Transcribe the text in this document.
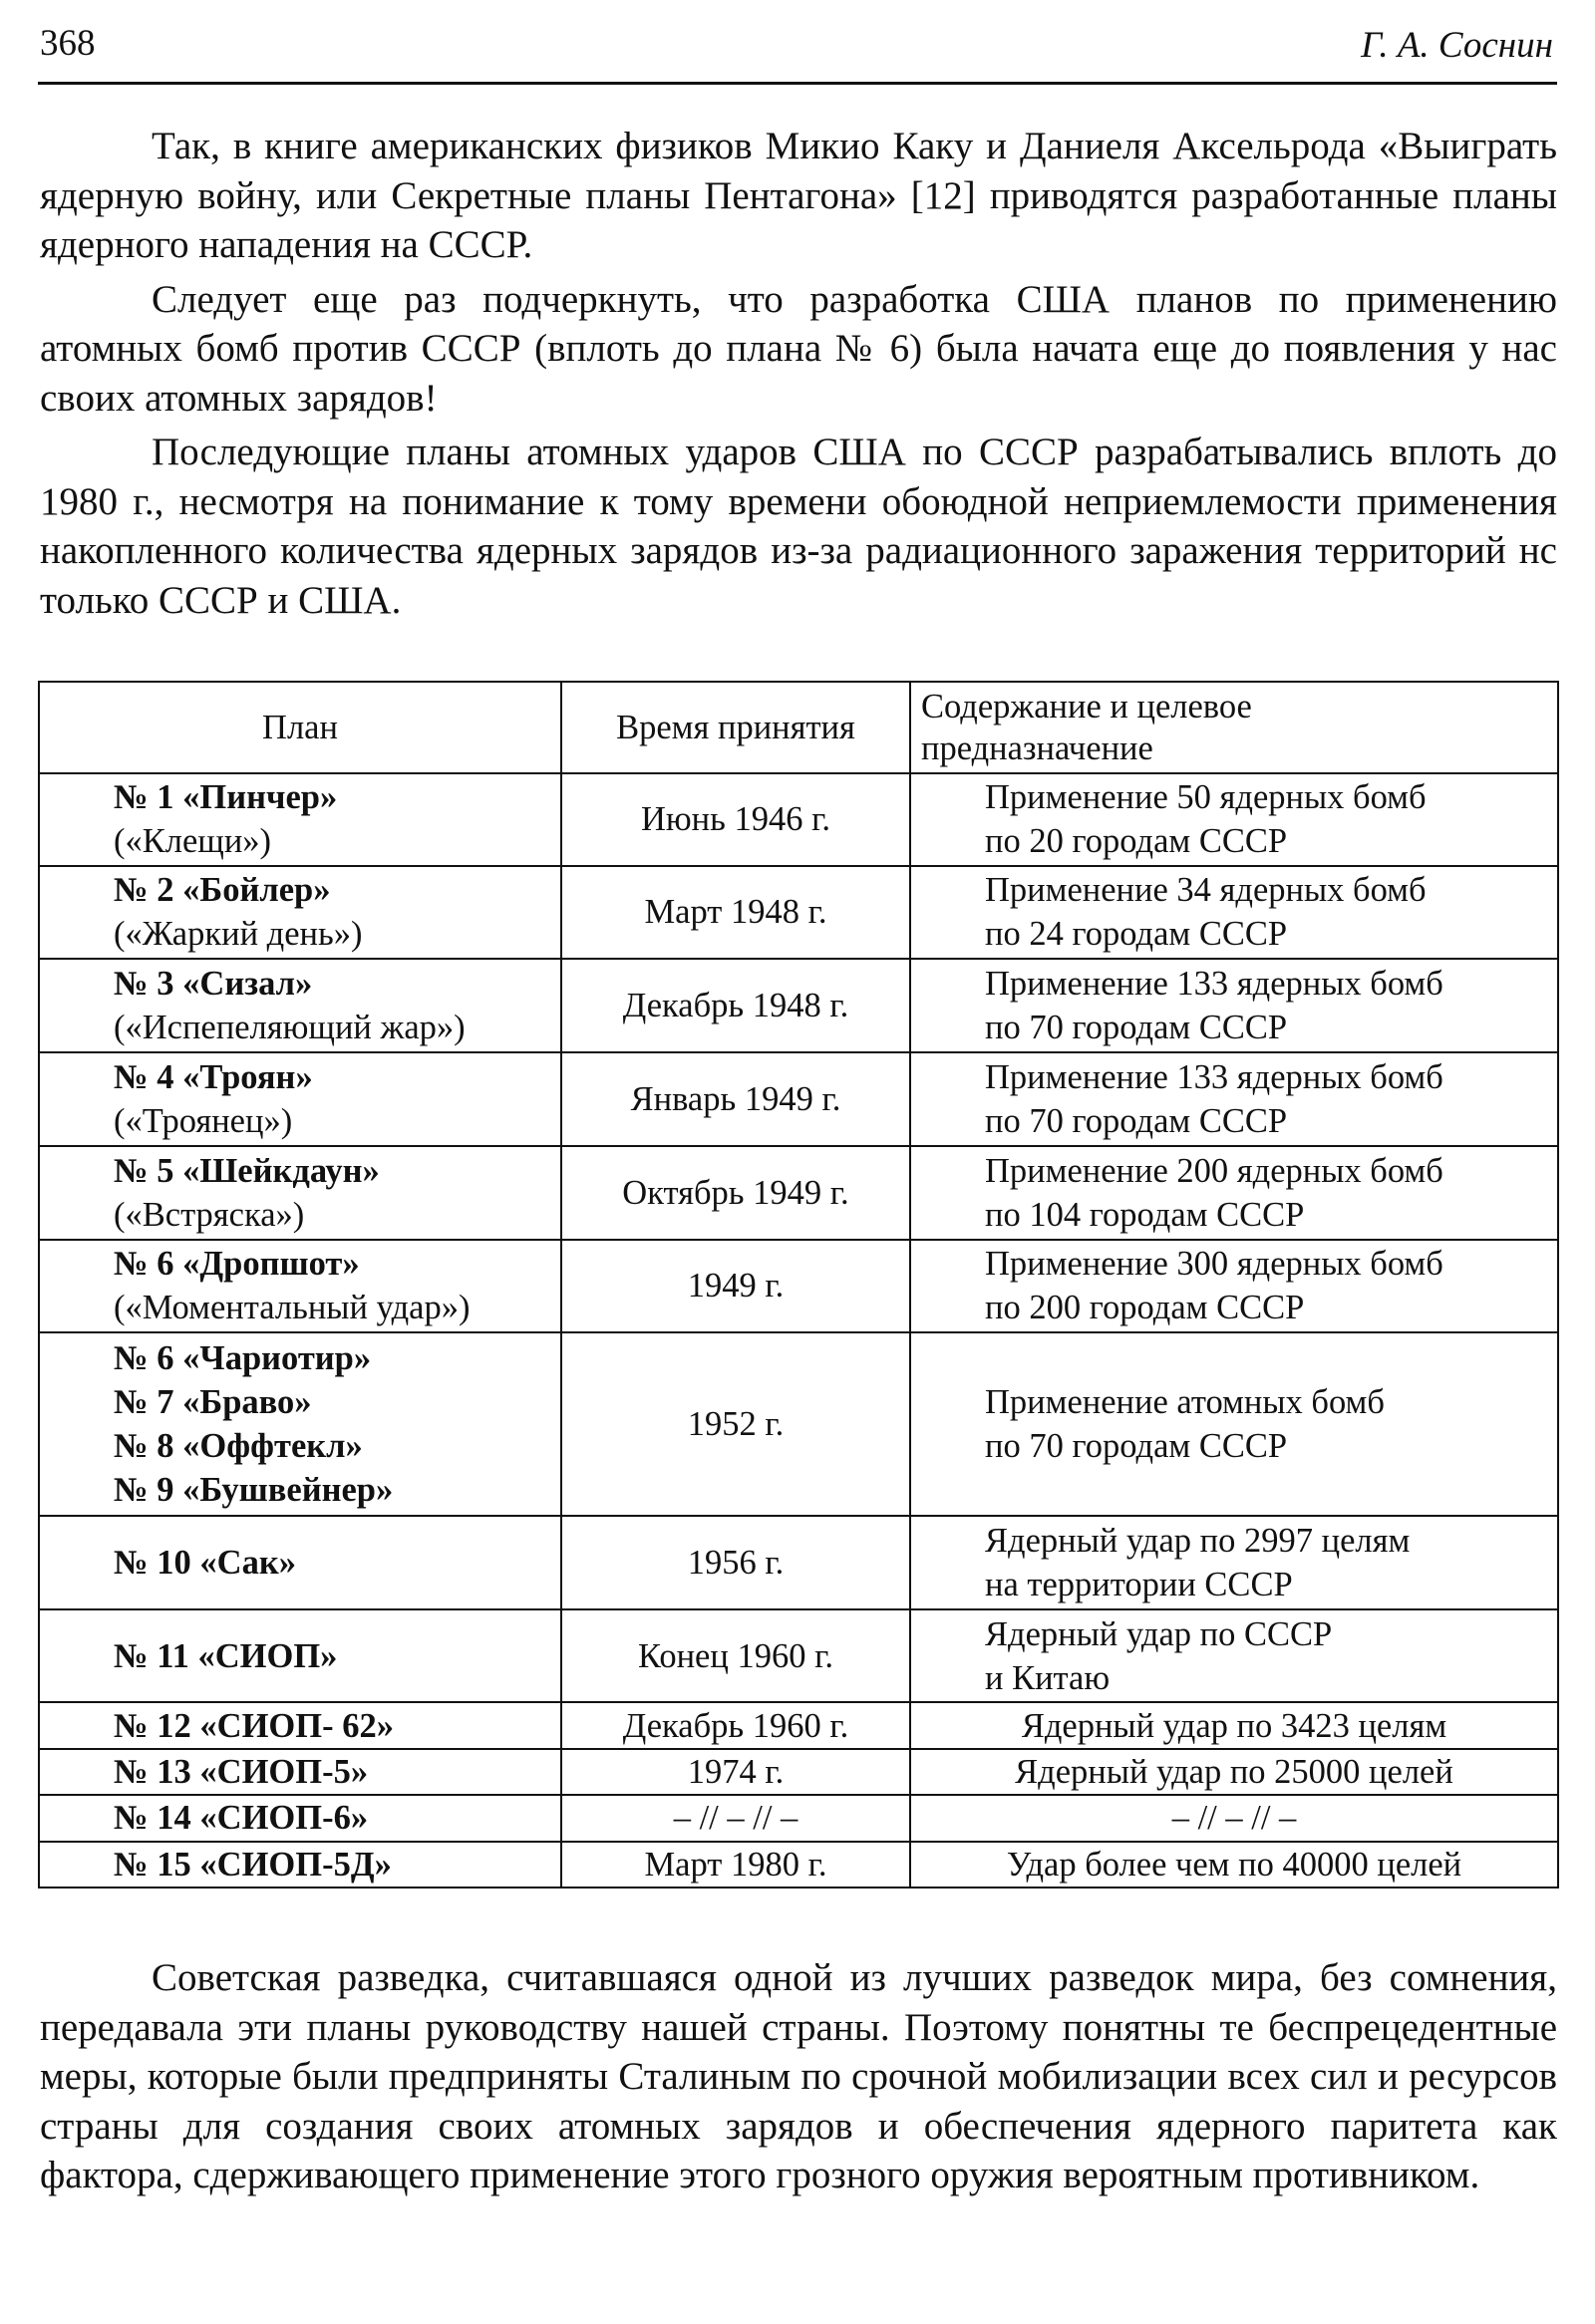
368	Г. А. Соснин

Так, в книге американских физиков Микио Каку и Даниеля Аксельрода «Выиграть ядерную войну, или Секретные планы Пентагона» [12] приводятся разработанные планы ядерного нападения на СССР.

Следует еще раз подчеркнуть, что разработка США планов по применению атомных бомб против СССР (вплоть до плана № 6) была начата еще до появления у нас своих атомных зарядов!

Последующие планы атомных ударов США по СССР разрабатывались вплоть до 1980 г., несмотря на понимание к тому времени обоюдной неприемлемости применения накопленного количества ядерных зарядов из-за радиационного заражения территорий нс только СССР и США.

План	Время принятия	Содержание и целевое
предназначение

№ 1 «Пинчер»
(«Клещи»)	Июнь 1946 г.	Применение 50 ядерных бомб
по 20 городам СССР

№ 2 «Бойлер»
(«Жаркий день»)	Март 1948 г.	Применение 34 ядерных бомб
по 24 городам СССР

№ 3 «Сизал»
(«Испепеляющий жар»)	Декабрь 1948 г.	Применение 133 ядерных бомб
по 70 городам СССР

№ 4 «Троян»
(«Троянец»)	Январь 1949 г.	Применение 133 ядерных бомб
по 70 городам СССР

№ 5 «Шейкдаун»
(«Встряска»)	Октябрь 1949 г.	Применение 200 ядерных бомб
по 104 городам СССР

№ 6 «Дропшот»
(«Моментальный удар»)	1949 г.	Применение 300 ядерных бомб
по 200 городам СССР

№ 6 «Чариотир»
№ 7 «Браво»
№ 8 «Оффтекл»
№ 9 «Бушвейнер»	1952 г.	Применение атомных бомб
по 70 городам СССР

№ 10 «Сак»	1956 г.	Ядерный удар по 2997 целям
на территории СССР

№ 11 «СИОП»	Конец 1960 г.	Ядерный удар по СССР
и Китаю

№ 12 «СИОП- 62»	Декабрь 1960 г.	Ядерный удар по 3423 целям

№ 13 «СИОП-5»	1974 г.	Ядерный удар по 25000 целей

№ 14 «СИОП-6»	– // – // –	– // – // –

№ 15 «СИОП-5Д»	Март 1980 г.	Удар более чем по 40000 целей

Советская разведка, считавшаяся одной из лучших разведок мира, без сомнения, передавала эти планы руководству нашей страны. Поэтому понятны те беспрецедентные меры, которые были предприняты Сталиным по срочной мобилизации всех сил и ресурсов страны для создания своих атомных зарядов и обеспечения ядерного паритета как фактора, сдерживающего применение этого грозного оружия вероятным противником.
